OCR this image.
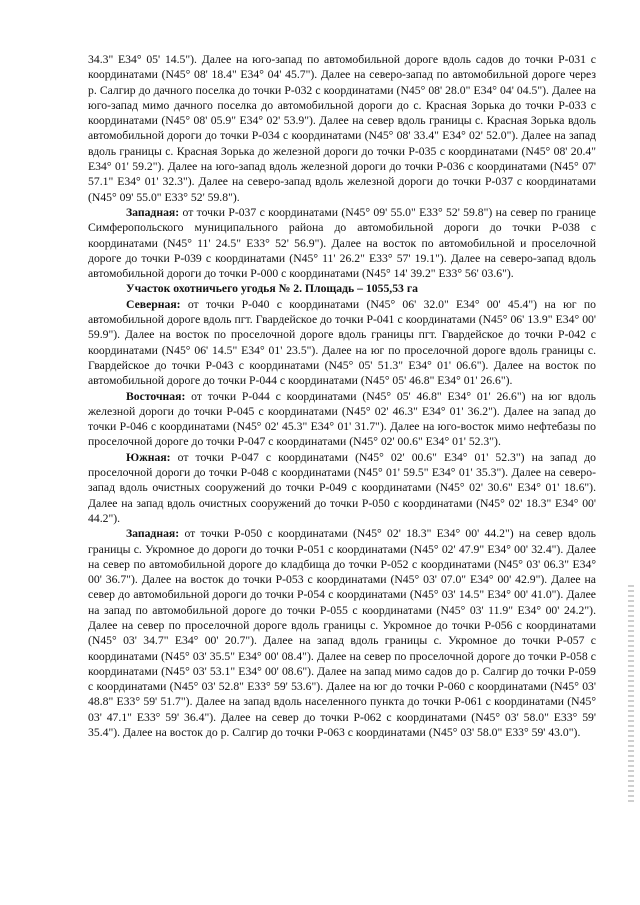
34.3" E34° 05' 14.5"). Далее на юго-запад по автомобильной дороге вдоль садов до точки Р-031 с координатами (N45° 08' 18.4" E34° 04' 45.7"). Далее на северо-запад по автомобильной дороге через р. Салгир до дачного поселка до точки Р-032 с координатами (N45° 08' 28.0" E34° 04' 04.5"). Далее на юго-запад мимо дачного поселка до автомобильной дороги до с. Красная Зорька до точки Р-033 с координатами (N45° 08' 05.9" E34° 02' 53.9"). Далее на север вдоль границы с. Красная Зорька вдоль автомобильной дороги до точки Р-034 с координатами (N45° 08' 33.4" E34° 02' 52.0"). Далее на запад вдоль границы с. Красная Зорька до железной дороги до точки Р-035 с координатами (N45° 08' 20.4" E34° 01' 59.2"). Далее на юго-запад вдоль железной дороги до точки Р-036 с координатами (N45° 07' 57.1" E34° 01' 32.3"). Далее на северо-запад вдоль железной дороги до точки Р-037 с координатами (N45° 09' 55.0" E33° 52' 59.8").

Западная: от точки Р-037 с координатами (N45° 09' 55.0" E33° 52' 59.8") на север по границе Симферопольского муниципального района до автомобильной дороги до точки Р-038 с координатами (N45° 11' 24.5" E33° 52' 56.9"). Далее на восток по автомобильной и проселочной дороге до точки Р-039 с координатами (N45° 11' 26.2" E33° 57' 19.1"). Далее на северо-запад вдоль автомобильной дороги до точки Р-000 с координатами (N45° 14' 39.2" E33° 56' 03.6").

Участок охотничьего угодья № 2. Площадь – 1055,53 га

Северная: от точки Р-040 с координатами (N45° 06' 32.0" E34° 00' 45.4") на юг по автомобильной дороге вдоль пгт. Гвардейское до точки Р-041 с координатами (N45° 06' 13.9" E34° 00' 59.9"). Далее на восток по проселочной дороге вдоль границы пгт. Гвардейское до точки Р-042 с координатами (N45° 06' 14.5" E34° 01' 23.5"). Далее на юг по проселочной дороге вдоль границы с. Гвардейское до точки Р-043 с координатами (N45° 05' 51.3" E34° 01' 06.6"). Далее на восток по автомобильной дороге до точки Р-044 с координатами (N45° 05' 46.8" E34° 01' 26.6").

Восточная: от точки Р-044 с координатами (N45° 05' 46.8" E34° 01' 26.6") на юг вдоль железной дороги до точки Р-045 с координатами (N45° 02' 46.3" E34° 01' 36.2"). Далее на запад до точки Р-046 с координатами (N45° 02' 45.3" E34° 01' 31.7"). Далее на юго-восток мимо нефтебазы по проселочной дороге до точки Р-047 с координатами (N45° 02' 00.6" E34° 01' 52.3").

Южная: от точки Р-047 с координатами (N45° 02' 00.6" E34° 01' 52.3") на запад до проселочной дороги до точки Р-048 с координатами (N45° 01' 59.5" E34° 01' 35.3"). Далее на северо-запад вдоль очистных сооружений до точки Р-049 с координатами (N45° 02' 30.6" E34° 01' 18.6"). Далее на запад вдоль очистных сооружений до точки Р-050 с координатами (N45° 02' 18.3" E34° 00' 44.2").

Западная: от точки Р-050 с координатами (N45° 02' 18.3" E34° 00' 44.2") на север вдоль границы с. Укромное до дороги до точки Р-051 с координатами (N45° 02' 47.9" E34° 00' 32.4"). Далее на север по автомобильной дороге до кладбища до точки Р-052 с координатами (N45° 03' 06.3" E34° 00' 36.7"). Далее на восток до точки Р-053 с координатами (N45° 03' 07.0" E34° 00' 42.9"). Далее на север до автомобильной дороги до точки Р-054 с координатами (N45° 03' 14.5" E34° 00' 41.0"). Далее на запад по автомобильной дороге до точки Р-055 с координатами (N45° 03' 11.9" E34° 00' 24.2"). Далее на север по проселочной дороге вдоль границы с. Укромное до точки Р-056 с координатами (N45° 03' 34.7" E34° 00' 20.7"). Далее на запад вдоль границы с. Укромное до точки Р-057 с координатами (N45° 03' 35.5" E34° 00' 08.4"). Далее на север по проселочной дороге до точки Р-058 с координатами (N45° 03' 53.1" E34° 00' 08.6"). Далее на запад мимо садов до р. Салгир до точки Р-059 с координатами (N45° 03' 52.8" E33° 59' 53.6"). Далее на юг до точки Р-060 с координатами (N45° 03' 48.8" E33° 59' 51.7"). Далее на запад вдоль населенного пункта до точки Р-061 с координатами (N45° 03' 47.1" E33° 59' 36.4"). Далее на север до точки Р-062 с координатами (N45° 03' 58.0" E33° 59' 35.4"). Далее на восток до р. Салгир до точки Р-063 с координатами (N45° 03' 58.0" E33° 59' 43.0").
